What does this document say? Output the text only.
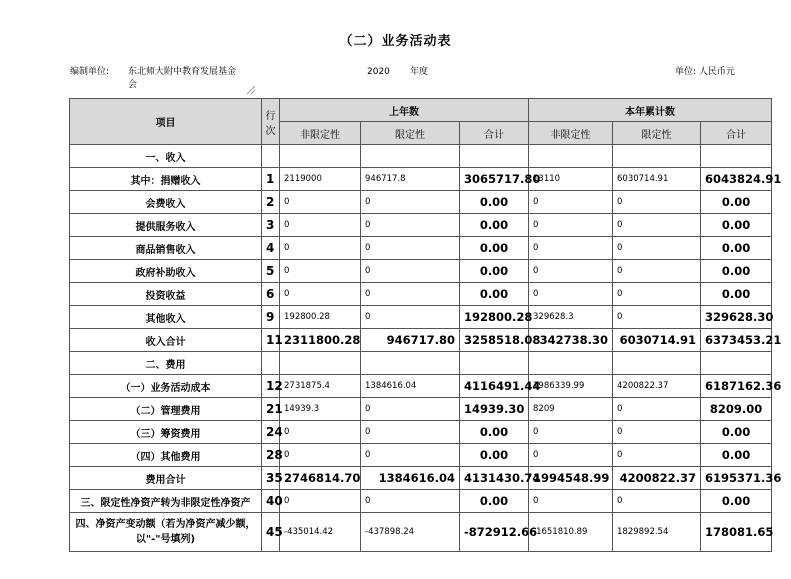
（二）业务活动表
编制单位: 东北师大附中教育发展基金
会
2020 年度	单位: 人民币元
项目	行
次	上年数			本年累计数		
		非限定性	限定性	合计	非限定性	限定性	合计
一、收入							
其中：捐赠收入	1	2119000	946717.8	3065717.80	13110	6030714.91	6043824.91
会费收入	2	0	0	0.00	0	0	0.00
提供服务收入	3	0	0	0.00	0	0	0.00
商品销售收入	4	0	0	0.00	0	0	0.00
政府补助收入	5	0	0	0.00	0	0	0.00
投资收益	6	0	0	0.00	0	0	0.00
其他收入	9	192800.28	0	192800.28	329628.3	0	329628.30
收入合计	11	2311800.28	946717.80	3258518.08	342738.30	6030714.91	6373453.21
二、费用							
（一）业务活动成本	12	2731875.4	1384616.04	4116491.44	1986339.99	4200822.37	6187162.36
（二）管理费用	21	14939.3	0	14939.30	8209	0	8209.00
（三）筹资费用	24	0	0	0.00	0	0	0.00
（四）其他费用	28	0	0	0.00	0	0	0.00
费用合计	35	2746814.70	1384616.04	4131430.74	1994548.99	4200822.37	6195371.36
三、限定性净资产转为非限定性净资产	40	0	0	0.00	0	0	0.00
四、净资产变动额（若为净资产减少额，以"-"号填列)	45	-435014.42	-437898.24	-872912.66	-1651810.89	1829892.54	178081.65
